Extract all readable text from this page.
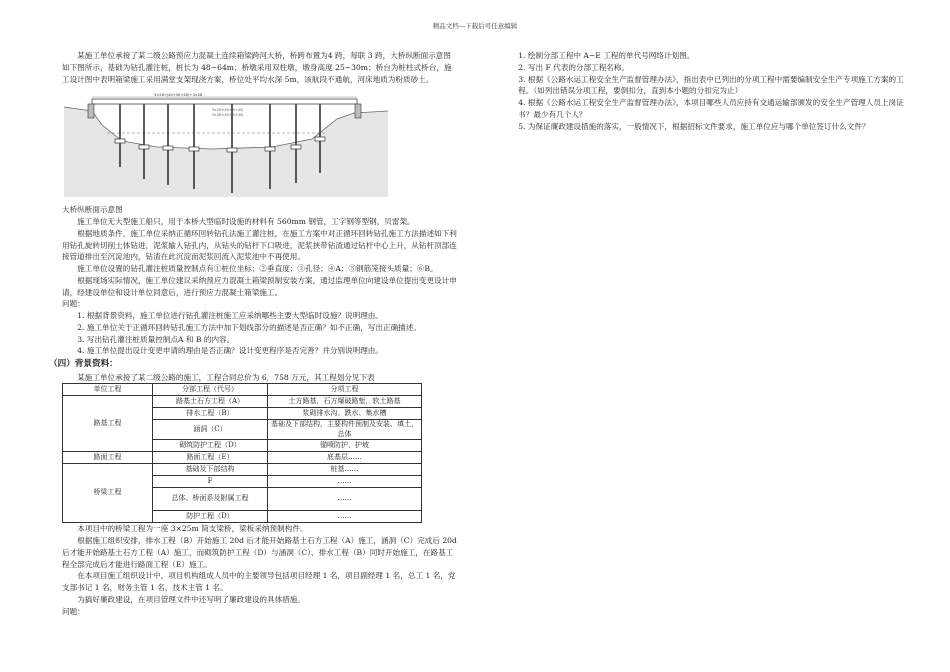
精品文档---下载后可任意编辑

某施工单位承接了某二级公路预应力混凝土连续箱梁跨河大桥，桥跨布置为4 跨，每联 3 跨，大桥纵断面示意图如下图所示，基础为钻孔灌注桩，桩长为 48~64m；桥墩采用双柱墩，墩身高度 25~30m；桥台为桩柱式桥台，施工设计图中表明箱梁施工采用满堂支架现浇方案，桥位处平均水深 5m，该航段不通航，河床地质为粉质砂土。

3×28+(40+50+40)+3×28
3×28+(40+50+40)
3×28+(40+50+40)

大桥纵断面示意图

施工单位无大型施工船只，用于本桥大型临时设施的材料有 560mm 钢管，工字钢等型钢，贝雷架。

根据地质条件，施工单位采纳正循环回转钻孔法施工灌注桩，在施工方案中对正循环回转钻孔施工方法描述如下利用钻孔旋转切削土体钻进，泥浆输入钻孔内，从钻头的钻杆下口吸进，泥浆挟带钻渣通过钻杆中心上升，从钻杆顶部连接管道排出至沉淀池内，钻渣在此沉淀而泥浆回流入泥浆池中不再使用。

施工单位设置的钻孔灌注桩质量控制点有①桩位坐标；②垂直度；③孔径；④A；⑤钢筋笼接头质量；⑥B。

根据现场实际情况，施工单位建议采纳预应力混凝土箱梁预制安装方案，通过监理单位向建设单位提出变更设计申请，经建设单位和设计单位同意后，进行预应力混凝土箱梁施工。

问题：

1. 根据背景资料，施工单位进行钻孔灌注桩施工应采纳哪些主要大型临时设施？说明理由。

2. 施工单位关于正循环回转钻孔施工方法中加下划线部分的描述是否正确？如不正确，写出正确描述。

3. 写出钻孔灌注桩质量控制点A 和 B 的内容。

4. 施工单位提出设计变更申请的理由是否正确？设计变更程序是否完善？并分别说明理由。

（四）背景资料：

某施工单位承接了某二级公路的施工，工程合同总价为 6．758 万元，其工程划分见下表

单位工程	分部工程（代号）	分项工程
路基工程	路基土石方工程（A）	土方路基，石方爆破路堑，软土路基
	排水工程（B）	浆砌排水沟、跌水、集水槽
	涵洞（C）	基础及下部结构，主要构件预制及安装、填土、总体
	砌筑防护工程（D）	锚喷防护、护坡
路面工程	路面工程（E）	底基层……
桥梁工程	基础及下部结构	桩基……
	F	……
	总体、桥面系及附属工程	……
	防护工程（D）	……

本项目中的桥梁工程为一座 3×25m 简支梁桥，梁板采纳预制构件。

根据施工组织安排，排水工程（B）开始施工 20d 后才能开始路基土石方工程（A）施工，涵洞（C）完成后 20d 后才能开始路基土石方工程（A）施工，而砌筑防护工程（D）与涵洞（C）、排水工程（B）同时开始施工，在路基工程全部完成后才能进行路面工程（E）施工。

在本项目施工组织设计中，项目机构组成人员中的主要领导包括项目经理 1 名，项目副经理 1 名，总工 1 名，党支部书记 1 名，财务主管 1 名，技术主管 1 名。

为搞好廉政建设，在项目管理文件中还写明了廉政建设的具体措施。

问题：

1. 绘制分部工程中 A~E 工程的单代号网络计划图。

2. 写出 F 代表的分部工程名称。

3. 根据《公路水运工程安全生产监督管理办法》，指出表中已列出的分项工程中需要编制安全生产专项施工方案的工程。（如列出错误分项工程，要倒扣分，直到本小题的分扣完为止）

4. 根据《公路水运工程安全生产监督管理办法》，本项目哪些人员应持有交通运输部颁发的安全生产管理人员上岗证书？最少有几个人？

5. 为保证廉政建设措施的落实，一般情况下，根据招标文件要求，施工单位应与哪个单位签订什么文件？
